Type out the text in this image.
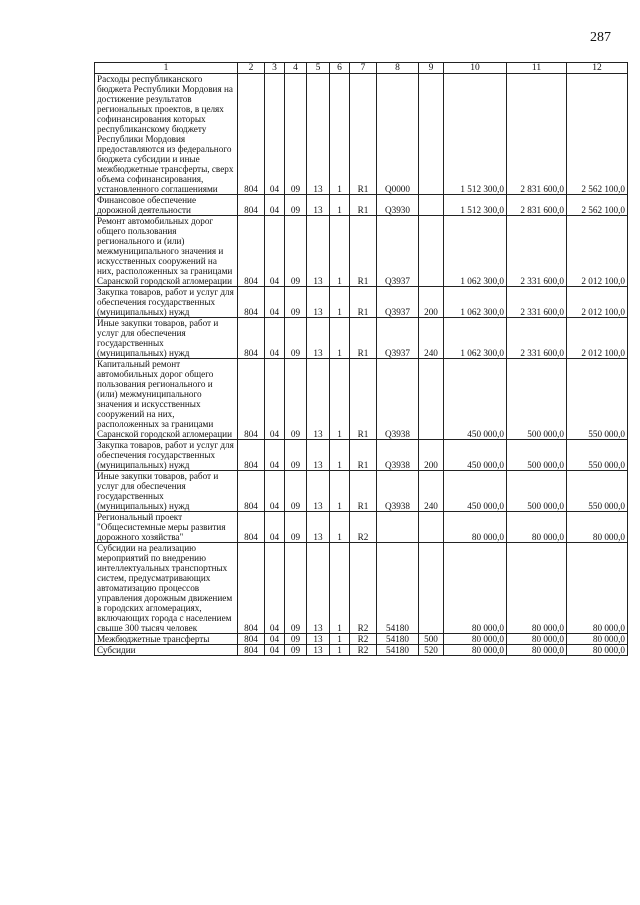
287
1	2	3	4	5	6	7	8	9	10	11	12
Расходы республиканского бюджета Республики Мордовия на достижение результатов региональных проектов, в целях софинансирования которых республиканскому бюджету Республики Мордовия предоставляются из федерального бюджета субсидии и иные межбюджетные трансферты, сверх объема софинансирования, установленного соглашениями	804	04	09	13	1	R1	Q0000		1 512 300,0	2 831 600,0	2 562 100,0
Финансовое обеспечение дорожной деятельности	804	04	09	13	1	R1	Q3930		1 512 300,0	2 831 600,0	2 562 100,0
Ремонт автомобильных дорог общего пользования регионального и (или) межмуниципального значения и искусственных сооружений на них, расположенных за границами Саранской городской агломерации	804	04	09	13	1	R1	Q3937		1 062 300,0	2 331 600,0	2 012 100,0
Закупка товаров, работ и услуг для обеспечения государственных (муниципальных) нужд	804	04	09	13	1	R1	Q3937	200	1 062 300,0	2 331 600,0	2 012 100,0
Иные закупки товаров, работ и услуг для обеспечения государственных (муниципальных) нужд	804	04	09	13	1	R1	Q3937	240	1 062 300,0	2 331 600,0	2 012 100,0
Капитальный ремонт автомобильных дорог общего пользования регионального и (или) межмуниципального значения и искусственных сооружений на них, расположенных за границами Саранской городской агломерации	804	04	09	13	1	R1	Q3938		450 000,0	500 000,0	550 000,0
Закупка товаров, работ и услуг для обеспечения государственных (муниципальных) нужд	804	04	09	13	1	R1	Q3938	200	450 000,0	500 000,0	550 000,0
Иные закупки товаров, работ и услуг для обеспечения государственных (муниципальных) нужд	804	04	09	13	1	R1	Q3938	240	450 000,0	500 000,0	550 000,0
Региональный проект "Общесистемные меры развития дорожного хозяйства"	804	04	09	13	1	R2			80 000,0	80 000,0	80 000,0
Субсидии на реализацию мероприятий по внедрению интеллектуальных транспортных систем, предусматривающих автоматизацию процессов управления дорожным движением в городских агломерациях, включающих города с населением свыше 300 тысяч человек	804	04	09	13	1	R2	54180		80 000,0	80 000,0	80 000,0
Межбюджетные трансферты	804	04	09	13	1	R2	54180	500	80 000,0	80 000,0	80 000,0
Субсидии	804	04	09	13	1	R2	54180	520	80 000,0	80 000,0	80 000,0
